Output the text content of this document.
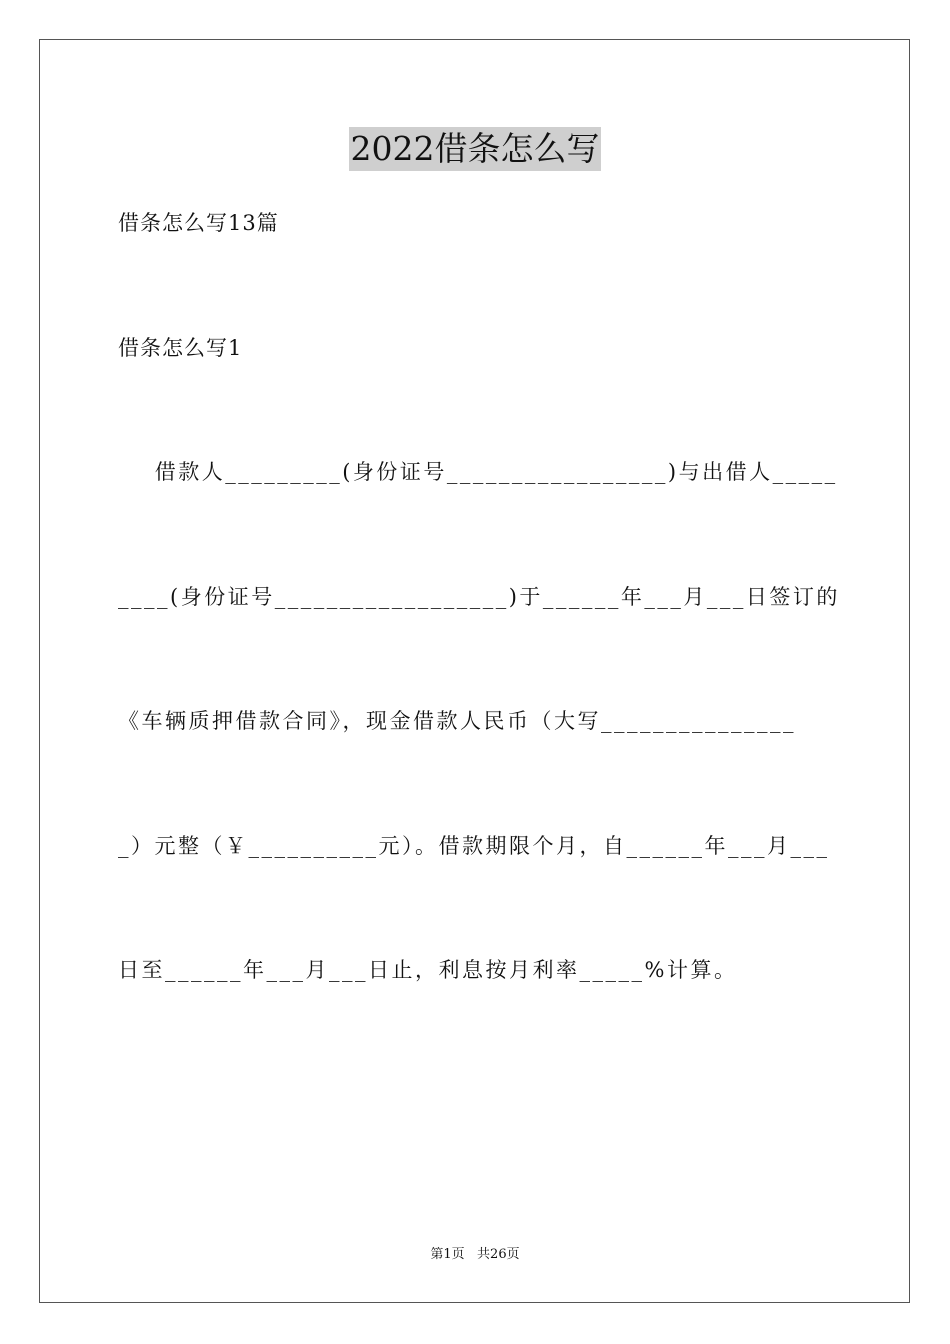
2022借条怎么写

借条怎么写13篇

借条怎么写1

借款人_________(身份证号_________________)与出借人_____

____(身份证号__________________)于______年___月___日签订的

《车辆质押借款合同》，现金借款人民币（大写_______________

_）元整（￥__________元）。借款期限个月，自______年___月___

日至______年___月___日止，利息按月利率_____%计算。

第1页   共26页
